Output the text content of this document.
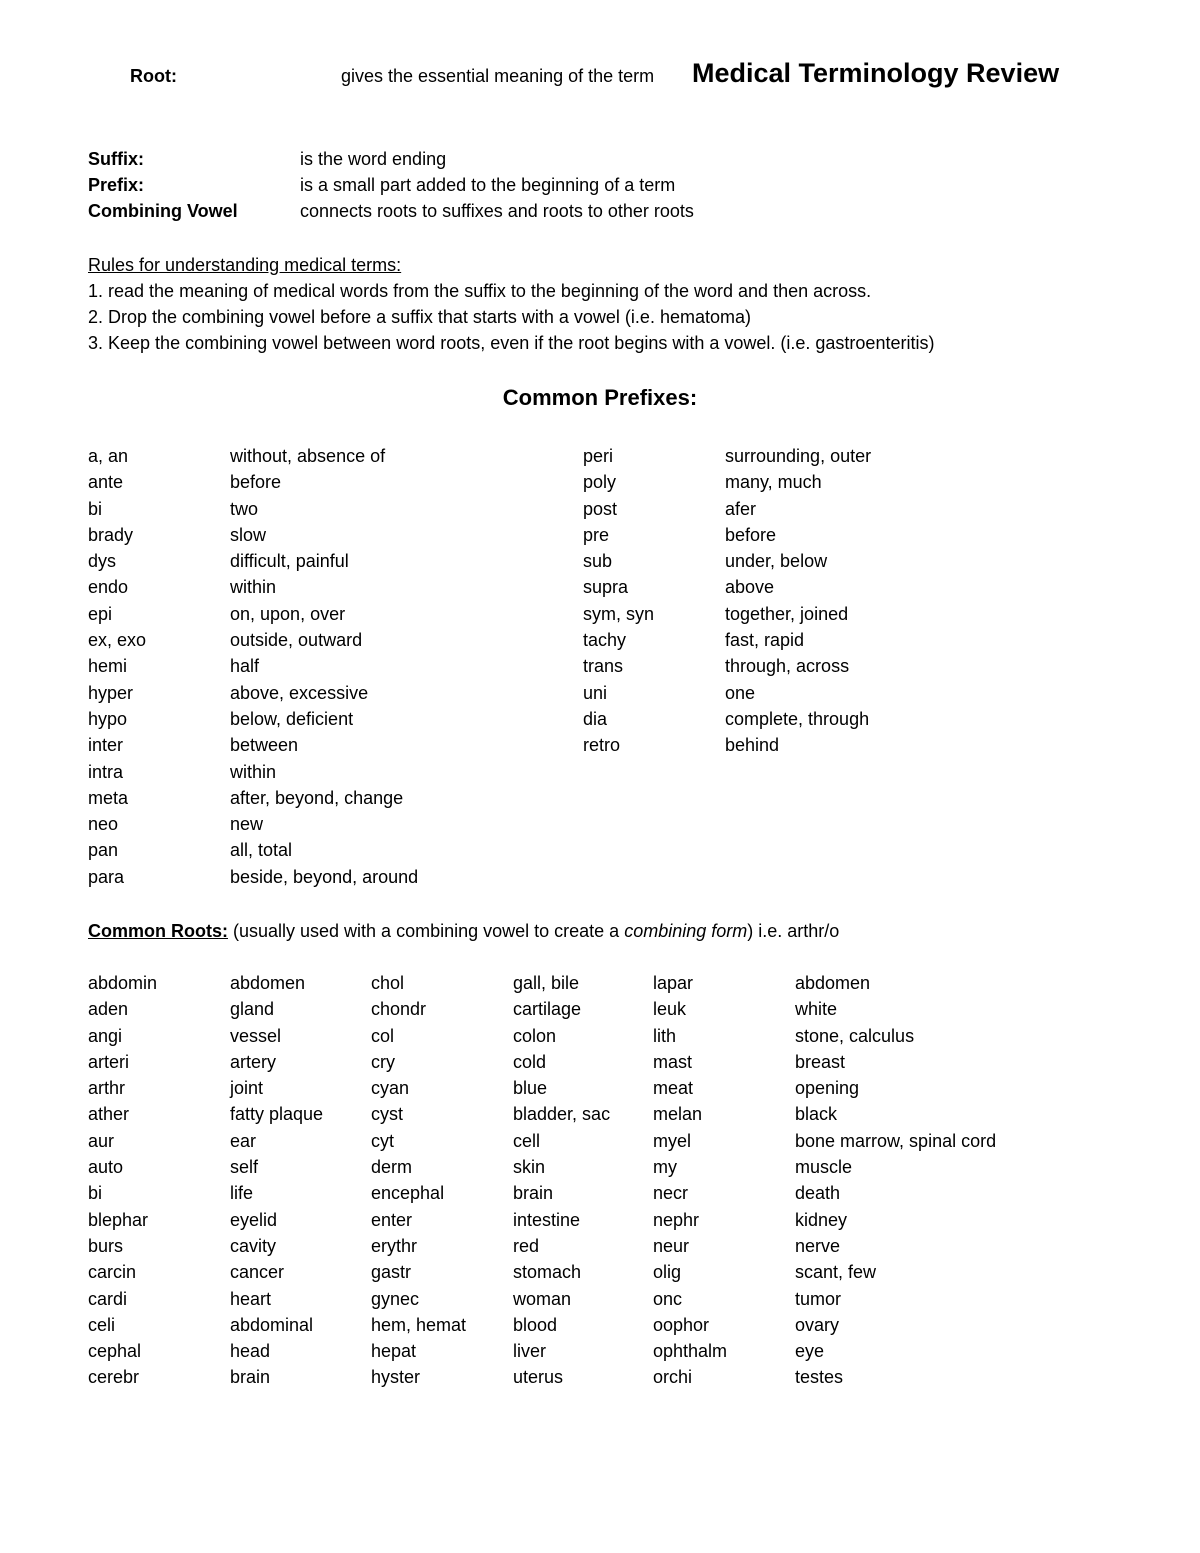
Root:	gives the essential meaning of the term Medical Terminology Review
Suffix:	is the word ending
Prefix:	is a small part added to the beginning of a term
Combining Vowel	connects roots to suffixes and roots to other roots
Rules for understanding medical terms:
1. read the meaning of medical words from the suffix to the beginning of the word and then across.
2. Drop the combining vowel before a suffix that starts with a vowel (i.e. hematoma)
3. Keep the combining vowel between word roots, even if the root begins with a vowel. (i.e. gastroenteritis)
Common Prefixes:
a, an	without, absence of
ante	before
bi	two
brady	slow
dys	difficult, painful
endo	within
epi	on, upon, over
ex, exo	outside, outward
hemi	half
hyper	above, excessive
hypo	below, deficient
inter	between
intra	within
meta	after, beyond, change
neo	new
pan	all, total
para	beside, beyond, around
peri	surrounding, outer
poly	many, much
post	afer
pre	before
sub	under, below
supra	above
sym, syn	together, joined
tachy	fast, rapid
trans	through, across
uni	one
dia	complete, through
retro	behind
Common Roots: (usually used with a combining vowel to create a combining form) i.e. arthr/o
abdomin	abdomen
aden	gland
angi	vessel
arteri	artery
arthr	joint
ather	fatty plaque
aur	ear
auto	self
bi	life
blephar	eyelid
burs	cavity
carcin	cancer
cardi	heart
celi	abdominal
cephal	head
cerebr	brain
chol	gall, bile
chondr	cartilage
col	colon
cry	cold
cyan	blue
cyst	bladder, sac
cyt	cell
derm	skin
encephal	brain
enter	intestine
erythr	red
gastr	stomach
gynec	woman
hem, hemat	blood
hepat	liver
hyster	uterus
lapar	abdomen
leuk	white
lith	stone, calculus
mast	breast
meat	opening
melan	black
myel	bone marrow, spinal cord
my	muscle
necr	death
nephr	kidney
neur	nerve
olig	scant, few
onc	tumor
oophor	ovary
ophthalm	eye
orchi	testes
